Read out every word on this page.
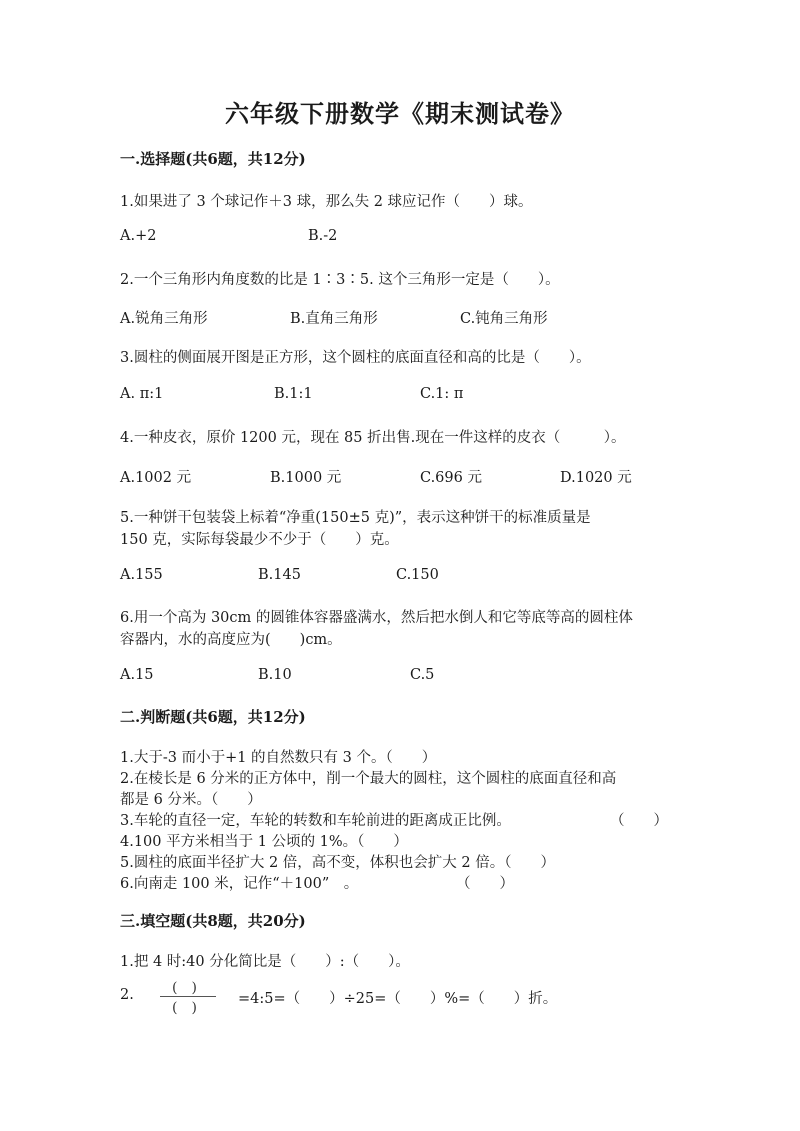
六年级下册数学《期末测试卷》
一.选择题(共6题，共12分)
1.如果进了 3 个球记作＋3 球，那么失 2 球应记作（　　）球。
A.+2	B.-2
2.一个三角形内角度数的比是 1∶3∶5. 这个三角形一定是（　　）。
A.锐角三角形	B.直角三角形	C.钝角三角形
3.圆柱的侧面展开图是正方形，这个圆柱的底面直径和高的比是（　　）。
A. π:1	B.1:1	C.1: π
4.一种皮衣，原价 1200 元，现在 85 折出售.现在一件这样的皮衣（　　　）。
A.1002 元	B.1000 元	C.696 元	D.1020 元
5.一种饼干包装袋上标着“净重(150±5 克)”，表示这种饼干的标准质量是
150 克，实际每袋最少不少于（　　）克。
A.155	B.145	C.150
6.用一个高为 30cm 的圆锥体容器盛满水，然后把水倒人和它等底等高的圆柱体
容器内，水的高度应为(　　)cm。
A.15	B.10	C.5
二.判断题(共6题，共12分)
1.大于-3 而小于+1 的自然数只有 3 个。（　　）
2.在棱长是 6 分米的正方体中，削一个最大的圆柱，这个圆柱的底面直径和高
都是 6 分米。（　　）
3.车轮的直径一定，车轮的转数和车轮前进的距离成正比例。	（　　）
4.100 平方米相当于 1 公顷的 1%。（　　）
5.圆柱的底面半径扩大 2 倍，高不变，体积也会扩大 2 倍。（　　）
6.向南走 100 米，记作“＋100”　。	（　　）
三.填空题(共8题，共20分)
1.把 4 时:40 分化简比是（　　）:（　　）。
2.	(　)
(　)
=4:5=（　　）÷25=（　　）%=（　　）折。
